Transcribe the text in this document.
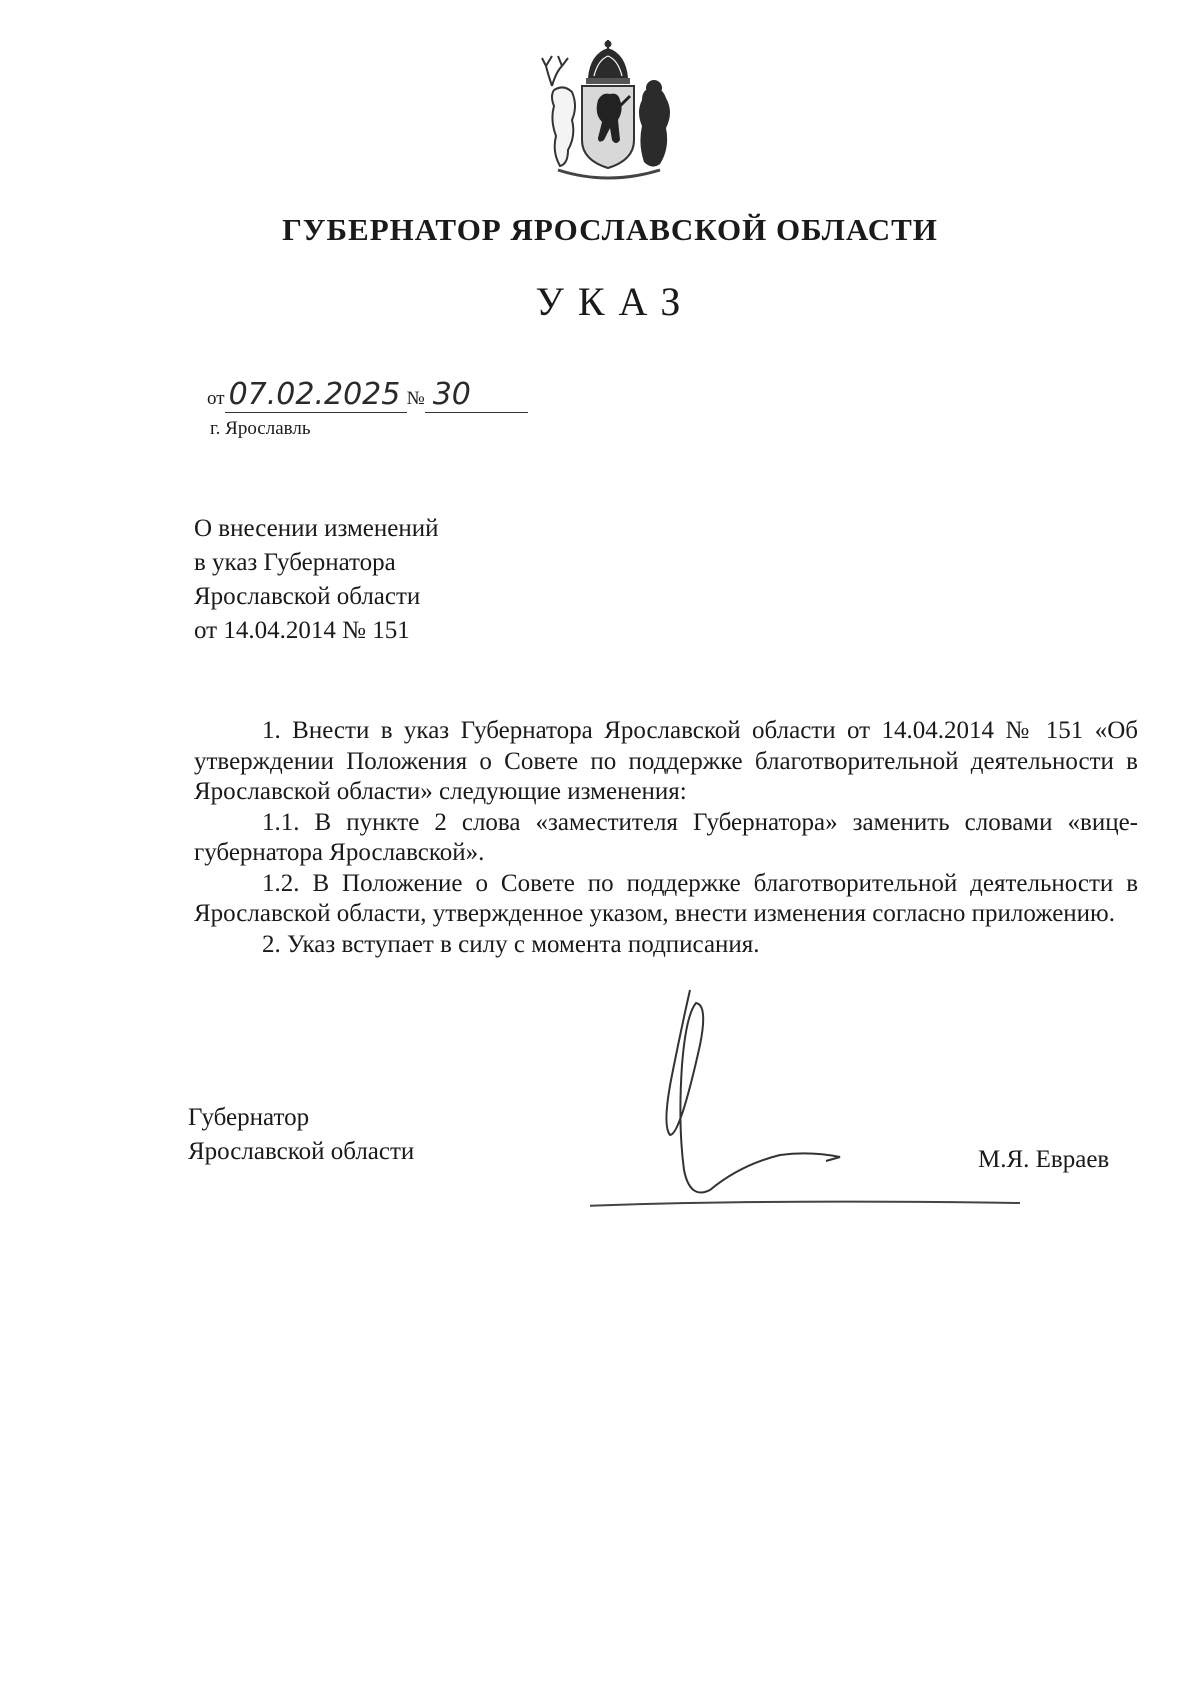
ГУБЕРНАТОР ЯРОСЛАВСКОЙ ОБЛАСТИ
УКАЗ
от 07.02.2025 № 30
г. Ярославль
О внесении изменений
в указ Губернатора
Ярославской области
от 14.04.2014 № 151

1. Внести в указ Губернатора Ярославской области от 14.04.2014 № 151 «Об утверждении Положения о Совете по поддержке благотворительной деятельности в Ярославской области» следующие изменения:

1.1. В пункте 2 слова «заместителя Губернатора» заменить словами «вице-губернатора Ярославской».

1.2. В Положение о Совете по поддержке благотворительной деятельности в Ярославской области, утвержденное указом, внести изменения согласно приложению.

2. Указ вступает в силу с момента подписания.

Губернатор
Ярославской области	М.Я. Евраев
